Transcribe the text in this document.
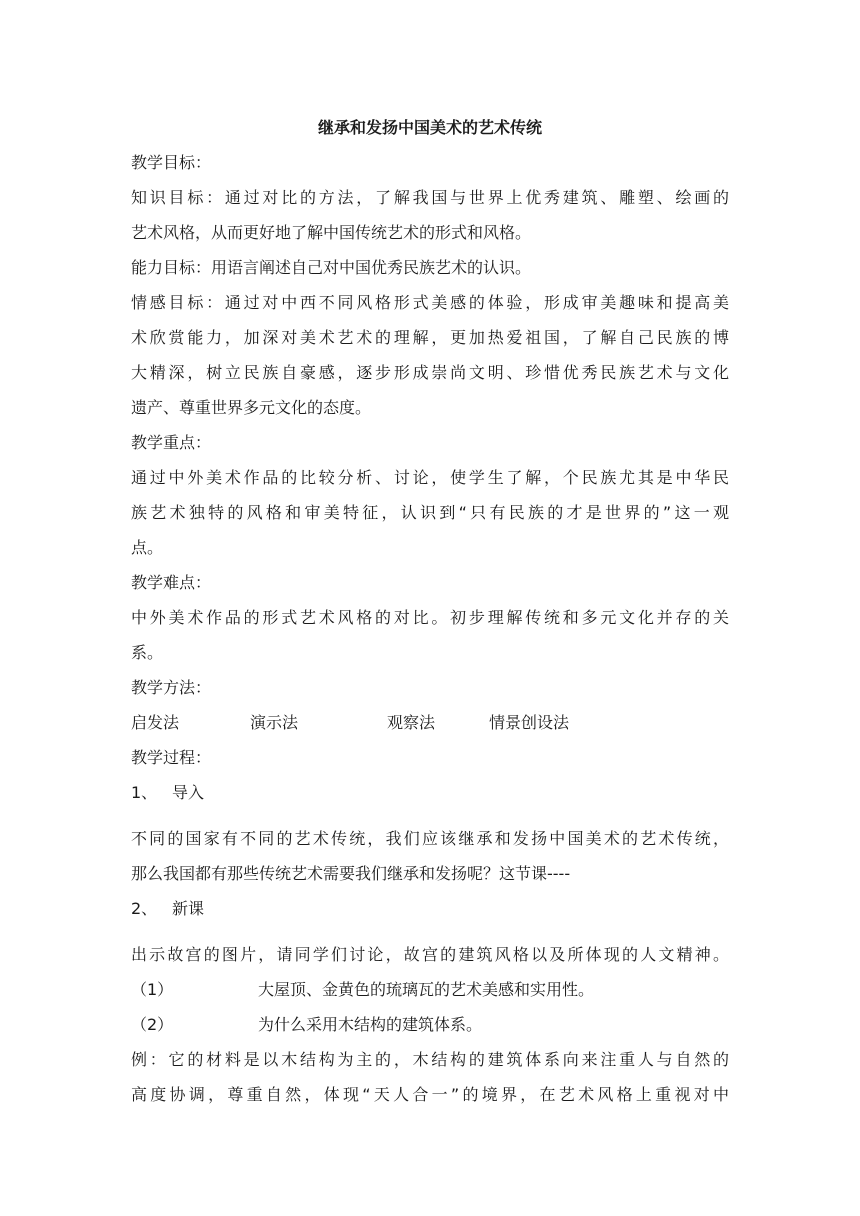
继承和发扬中国美术的艺术传统
教学目标：
知识目标：通过对比的方法，了解我国与世界上优秀建筑、雕塑、绘画的
艺术风格，从而更好地了解中国传统艺术的形式和风格。
能力目标：用语言阐述自己对中国优秀民族艺术的认识。
情感目标：通过对中西不同风格形式美感的体验，形成审美趣味和提高美
术欣赏能力，加深对美术艺术的理解，更加热爱祖国，了解自己民族的博
大精深，树立民族自豪感，逐步形成崇尚文明、珍惜优秀民族艺术与文化
遗产、尊重世界多元文化的态度。
教学重点：
通过中外美术作品的比较分析、讨论，使学生了解，个民族尤其是中华民
族艺术独特的风格和审美特征，认识到“只有民族的才是世界的”这一观
点。
教学难点：
中外美术作品的形式艺术风格的对比。初步理解传统和多元文化并存的关
系。
教学方法：
启发法	演示法	观察法	情景创设法
教学过程：
1、 导入
不同的国家有不同的艺术传统，我们应该继承和发扬中国美术的艺术传统，
那么我国都有那些传统艺术需要我们继承和发扬呢？这节课----
2、 新课
出示故宫的图片，请同学们讨论，故宫的建筑风格以及所体现的人文精神。
（1）	大屋顶、金黄色的琉璃瓦的艺术美感和实用性。
（2）	为什么采用木结构的建筑体系。
例：它的材料是以木结构为主的，木结构的建筑体系向来注重人与自然的
高度协调，尊重自然，体现“天人合一”的境界，在艺术风格上重视对中
